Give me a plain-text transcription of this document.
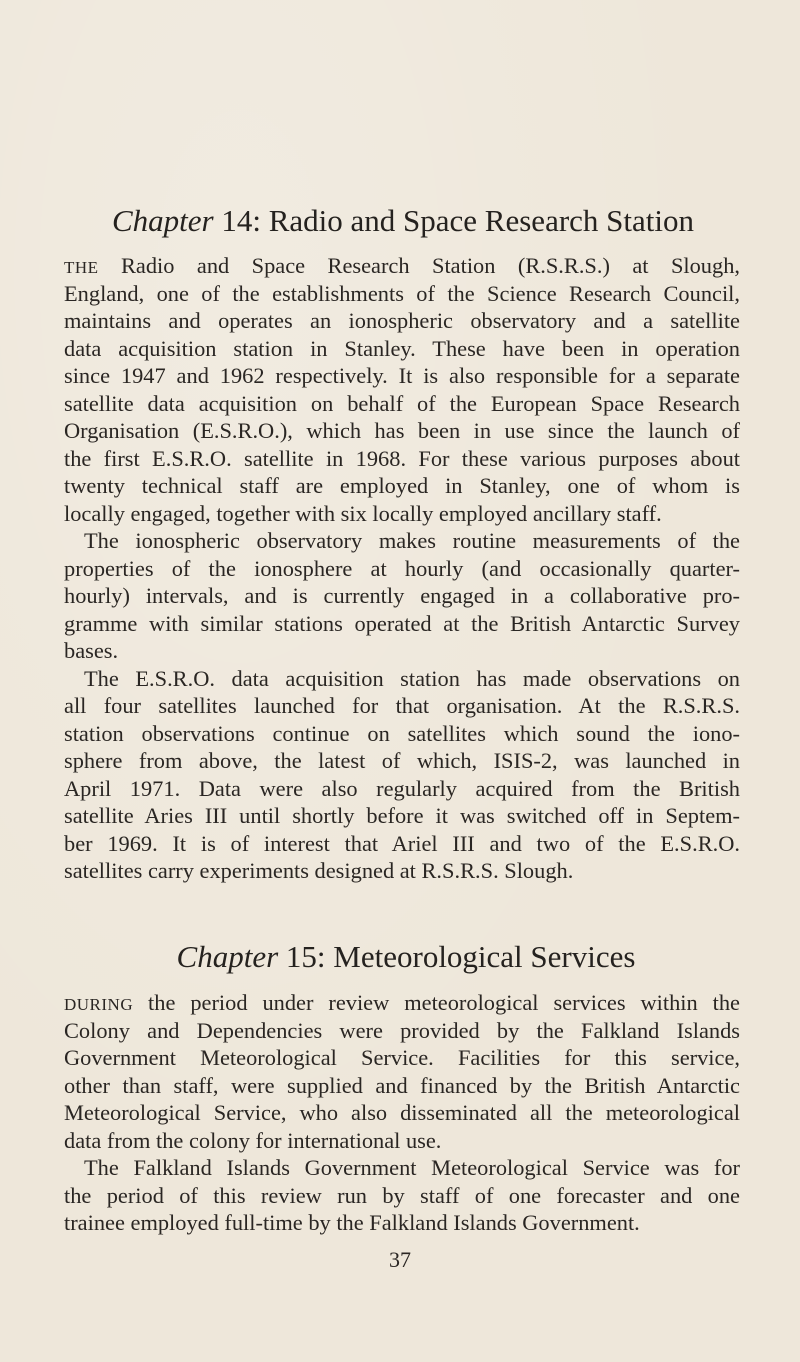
Chapter 14: Radio and Space Research Station
THE Radio and Space Research Station (R.S.R.S.) at Slough,
England, one of the establishments of the Science Research Council,
maintains and operates an ionospheric observatory and a satellite
data acquisition station in Stanley. These have been in operation
since 1947 and 1962 respectively. It is also responsible for a separate
satellite data acquisition on behalf of the European Space Research
Organisation (E.S.R.O.), which has been in use since the launch of
the first E.S.R.O. satellite in 1968. For these various purposes about
twenty technical staff are employed in Stanley, one of whom is
locally engaged, together with six locally employed ancillary staff.
The ionospheric observatory makes routine measurements of the
properties of the ionosphere at hourly (and occasionally quarter-
hourly) intervals, and is currently engaged in a collaborative pro-
gramme with similar stations operated at the British Antarctic Survey
bases.
The E.S.R.O. data acquisition station has made observations on
all four satellites launched for that organisation. At the R.S.R.S.
station observations continue on satellites which sound the iono-
sphere from above, the latest of which, ISIS-2, was launched in
April 1971. Data were also regularly acquired from the British
satellite Aries III until shortly before it was switched off in Septem-
ber 1969. It is of interest that Ariel III and two of the E.S.R.O.
satellites carry experiments designed at R.S.R.S. Slough.
Chapter 15: Meteorological Services
DURING the period under review meteorological services within the
Colony and Dependencies were provided by the Falkland Islands
Government Meteorological Service. Facilities for this service,
other than staff, were supplied and financed by the British Antarctic
Meteorological Service, who also disseminated all the meteorological
data from the colony for international use.
The Falkland Islands Government Meteorological Service was for
the period of this review run by staff of one forecaster and one
trainee employed full-time by the Falkland Islands Government.
37
